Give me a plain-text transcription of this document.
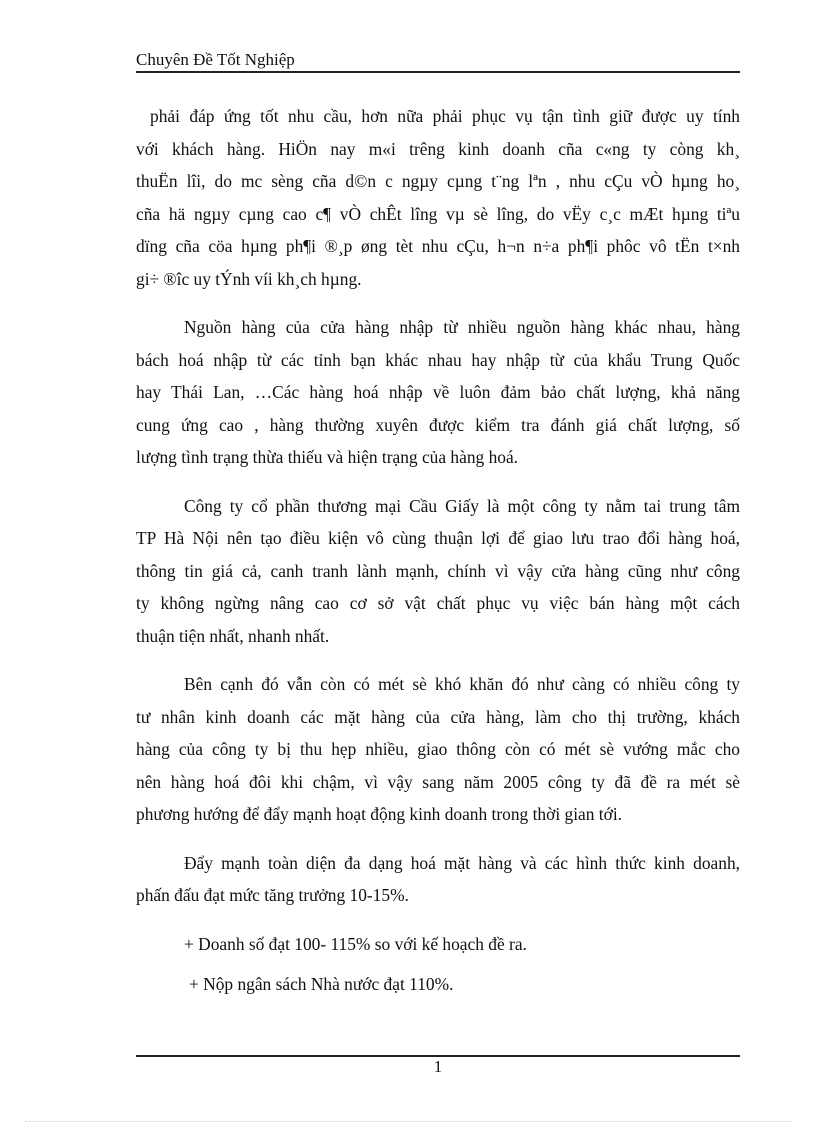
Chuyên Đề Tốt Nghiệp
phải đáp ứng tốt nhu cầu, hơn nữa phải phục vụ tận tình giữ được uy tính
với khách hàng. HiÖn nay m«i trêng kinh doanh cña c«ng ty còng kh¸
thuËn lîi, do mc sèng cña d©n c ngµy cµng t¨ng lªn , nhu cÇu vÒ hµng ho¸
cña hä ngµy cµng cao c¶ vÒ chÊt lîng vµ sè lîng, do vËy c¸c mÆt hµng tiªu
dïng cña cöa hµng ph¶i ®¸p øng tèt nhu cÇu, h¬n n÷a ph¶i phôc vô tËn t×nh
gi÷ ®îc uy tÝnh víi kh¸ch hµng.
Nguồn hàng của cửa hàng nhập từ nhiều nguồn hàng khác nhau, hàng
bách hoá nhập từ các tỉnh bạn khác nhau hay nhập từ của khẩu Trung Quốc
hay Thái Lan, …Các hàng hoá nhập về luôn đảm bảo chất lượng, khả năng
cung ứng cao , hàng thường xuyên được kiểm tra đánh giá chất lượng, số
lượng tình trạng thừa thiếu và hiện trạng của hàng hoá.
Công ty cổ phần thương mại Cầu Giấy là một công ty nằm tai trung tâm
TP Hà Nội nên tạo điều kiện vô cùng thuận lợi để giao lưu trao đổi hàng hoá,
thông tin giá cả, canh tranh lành mạnh, chính vì vậy cửa hàng cũng như công
ty không ngừng nâng cao cơ sở vật chất phục vụ việc bán hàng một cách
thuận tiện nhất, nhanh nhất.
Bên cạnh đó vẫn còn có mét sè khó khăn đó như càng có nhiều công ty
tư nhân kinh doanh các mặt hàng của cửa hàng, làm cho thị trường, khách
hàng của công ty bị thu hẹp nhiều, giao thông còn có mét sè vướng mắc cho
nên hàng hoá đôi khi chậm, vì vậy sang năm 2005 công ty đã đề ra mét sè
phương hướng để đẩy mạnh hoạt động kinh doanh trong thời gian tới.
Đẩy mạnh toàn diện đa dạng hoá mặt hàng và các hình thức kinh doanh,
phấn đấu đạt mức tăng trưởng 10-15%.
+ Doanh số đạt 100- 115% so với kế hoạch đề ra.
+ Nộp ngân sách Nhà nước đạt 110%.
1
